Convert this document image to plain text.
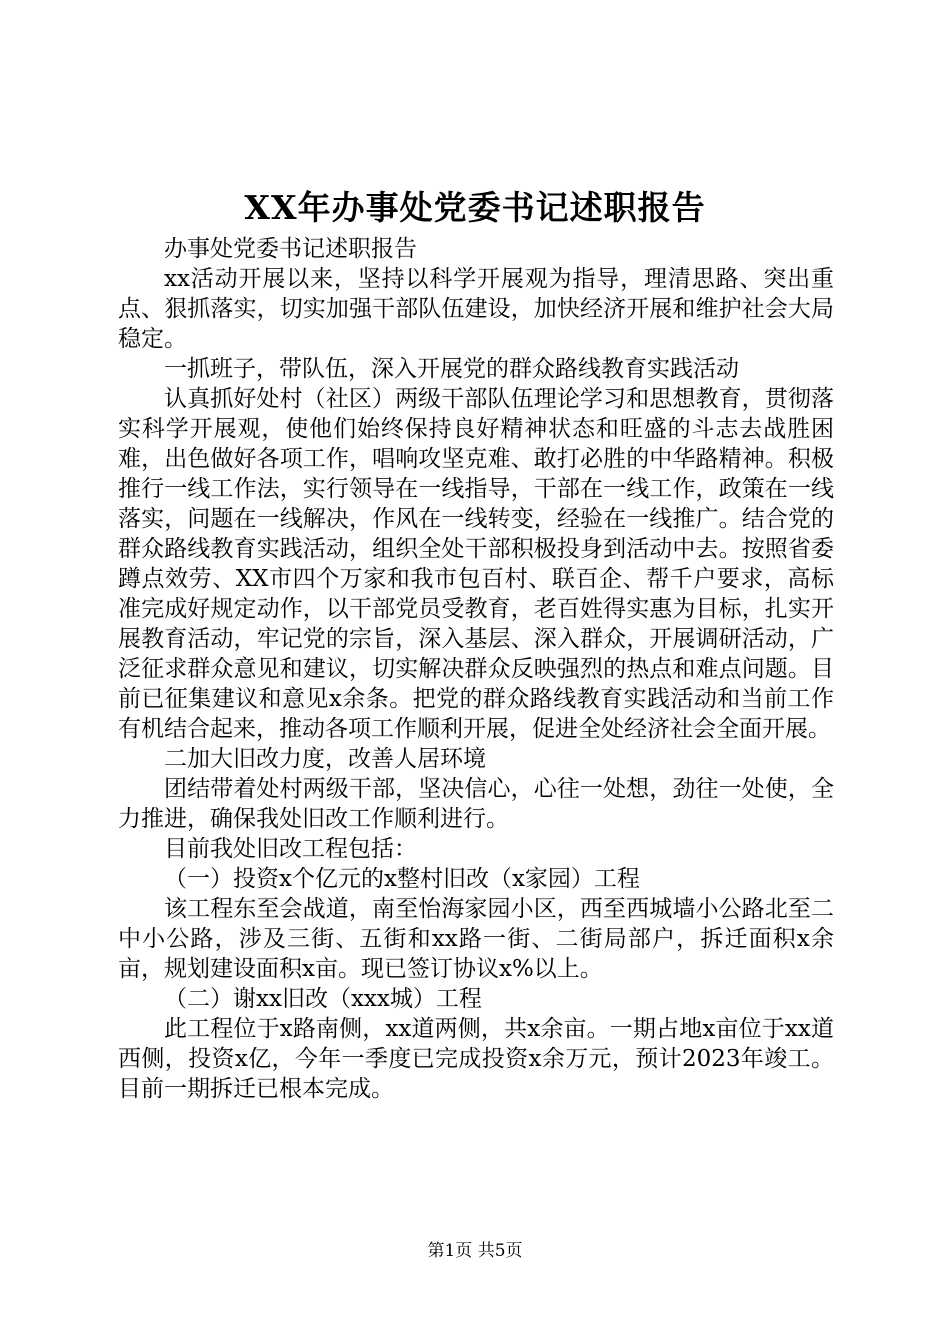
XX年办事处党委书记述职报告

办事处党委书记述职报告

xx活动开展以来，坚持以科学开展观为指导，理清思路、突出重点、狠抓落实，切实加强干部队伍建设，加快经济开展和维护社会大局稳定。

一抓班子，带队伍，深入开展党的群众路线教育实践活动

认真抓好处村（社区）两级干部队伍理论学习和思想教育，贯彻落实科学开展观，使他们始终保持良好精神状态和旺盛的斗志去战胜困难，出色做好各项工作，唱响攻坚克难、敢打必胜的中华路精神。积极推行一线工作法，实行领导在一线指导，干部在一线工作，政策在一线落实，问题在一线解决，作风在一线转变，经验在一线推广。结合党的群众路线教育实践活动，组织全处干部积极投身到活动中去。按照省委蹲点效劳、XX市四个万家和我市包百村、联百企、帮千户要求，高标准完成好规定动作，以干部党员受教育，老百姓得实惠为目标，扎实开展教育活动，牢记党的宗旨，深入基层、深入群众，开展调研活动，广泛征求群众意见和建议，切实解决群众反映强烈的热点和难点问题。目前已征集建议和意见x余条。把党的群众路线教育实践活动和当前工作有机结合起来，推动各项工作顺利开展，促进全处经济社会全面开展。

二加大旧改力度，改善人居环境

团结带着处村两级干部，坚决信心，心往一处想，劲往一处使，全力推进，确保我处旧改工作顺利进行。

目前我处旧改工程包括：

（一）投资x个亿元的x整村旧改（x家园）工程

该工程东至会战道，南至怡海家园小区，西至西城墙小公路北至二中小公路，涉及三街、五街和xx路一街、二街局部户，拆迁面积x余亩，规划建设面积x亩。现已签订协议x%以上。

（二）谢xx旧改（xxx城）工程

此工程位于x路南侧，xx道两侧，共x余亩。一期占地x亩位于xx道西侧，投资x亿，今年一季度已完成投资x余万元，预计2023年竣工。目前一期拆迁已根本完成。

第1页 共5页
